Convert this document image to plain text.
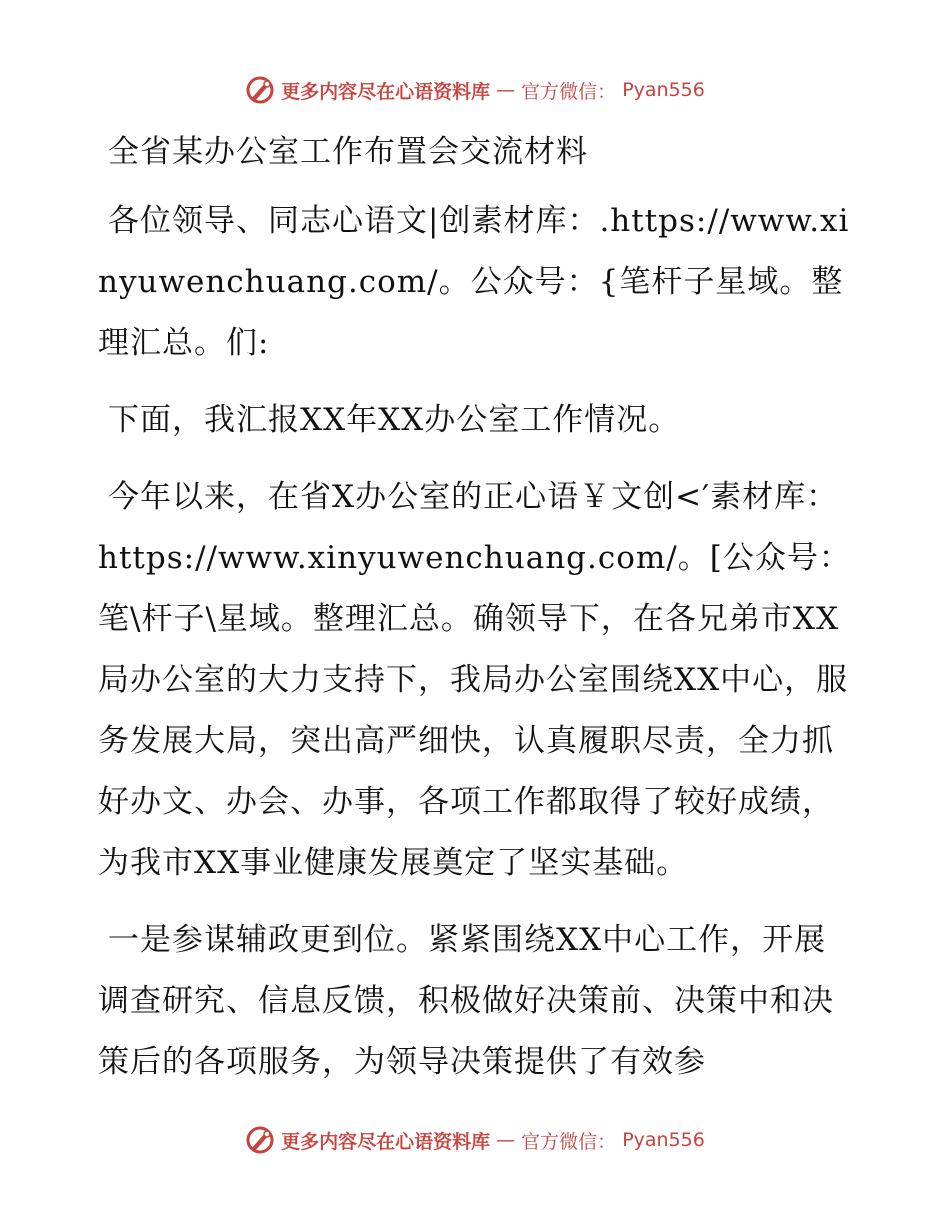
更多内容尽在心语资料库 — 官方微信： Pyan556

全省某办公室工作布置会交流材料

各位领导、同志心语文|创素材库：.https://www.xinyuwenchuang.com/。公众号：{笔杆子星域。整理汇总。们:

下面，我汇报XX年XX办公室工作情况。

今年以来，在省X办公室的正心语￥文创<′素材库：https://www.xinyuwenchuang.com/。[公众号：笔\杆子\星域。整理汇总。确领导下，在各兄弟市XX局办公室的大力支持下，我局办公室围绕XX中心，服务发展大局，突出高严细快，认真履职尽责，全力抓好办文、办会、办事，各项工作都取得了较好成绩，为我市XX事业健康发展奠定了坚实基础。

一是参谋辅政更到位。紧紧围绕XX中心工作，开展调查研究、信息反馈，积极做好决策前、决策中和决策后的各项服务，为领导决策提供了有效参

更多内容尽在心语资料库 — 官方微信： Pyan556
